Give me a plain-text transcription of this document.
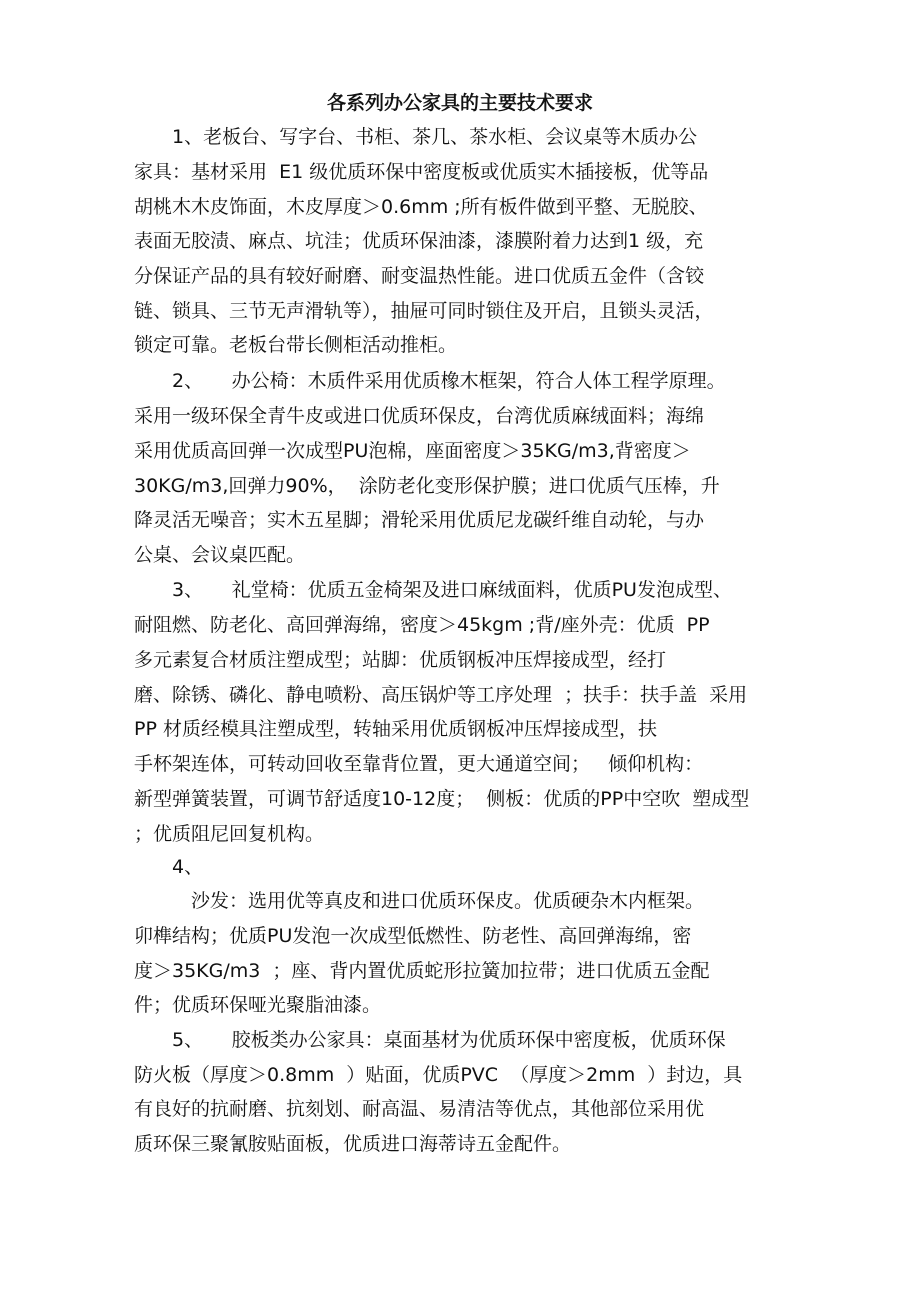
各系列办公家具的主要技术要求
　　1、老板台、写字台、书柜、茶几、茶水柜、会议桌等木质办公
家具：基材采用  E1 级优质环保中密度板或优质实木插接板，优等品
胡桃木木皮饰面，木皮厚度＞0.6mm ;所有板件做到平整、无脱胶、
表面无胶渍、麻点、坑洼；优质环保油漆，漆膜附着力达到1 级，充
分保证产品的具有较好耐磨、耐变温热性能。进口优质五金件（含铰
链、锁具、三节无声滑轨等），抽屉可同时锁住及开启，且锁头灵活，
锁定可靠。老板台带长侧柜活动推柜。
　　2、　　办公椅：木质件采用优质橡木框架，符合人体工程学原理。
采用一级环保全青牛皮或进口优质环保皮，台湾优质麻绒面料；海绵
采用优质高回弹一次成型PU泡棉，座面密度＞35KG/m3,背密度＞
30KG/m3,回弹力90%，  涂防老化变形保护膜；进口优质气压棒，升
降灵活无噪音；实木五星脚；滑轮采用优质尼龙碳纤维自动轮，与办
公桌、会议桌匹配。
　　3、　　礼堂椅：优质五金椅架及进口麻绒面料，优质PU发泡成型、
耐阻燃、防老化、高回弹海绵，密度＞45kgm ;背/座外壳：优质  PP
多元素复合材质注塑成型；站脚：优质钢板冲压焊接成型，经打
磨、除锈、磷化、静电喷粉、高压锅炉等工序处理  ；扶手：扶手盖  采用
PP 材质经模具注塑成型，转轴采用优质钢板冲压焊接成型，扶
手杯架连体，可转动回收至靠背位置，更大通道空间；   倾仰机构：
新型弹簧装置，可调节舒适度10-12度；  侧板：优质的PP中空吹  塑成型
；优质阻尼回复机构。
　　4、
　　　沙发：选用优等真皮和进口优质环保皮。优质硬杂木内框架。
卯榫结构；优质PU发泡一次成型低燃性、防老性、高回弹海绵，密
度＞35KG/m3  ；座、背内置优质蛇形拉簧加拉带；进口优质五金配
件；优质环保哑光聚脂油漆。
　　5、　　胶板类办公家具：桌面基材为优质环保中密度板，优质环保
防火板（厚度＞0.8mm  ）贴面，优质PVC  （厚度＞2mm  ）封边，具
有良好的抗耐磨、抗刻划、耐高温、易清洁等优点，其他部位采用优
质环保三聚氰胺贴面板，优质进口海蒂诗五金配件。
